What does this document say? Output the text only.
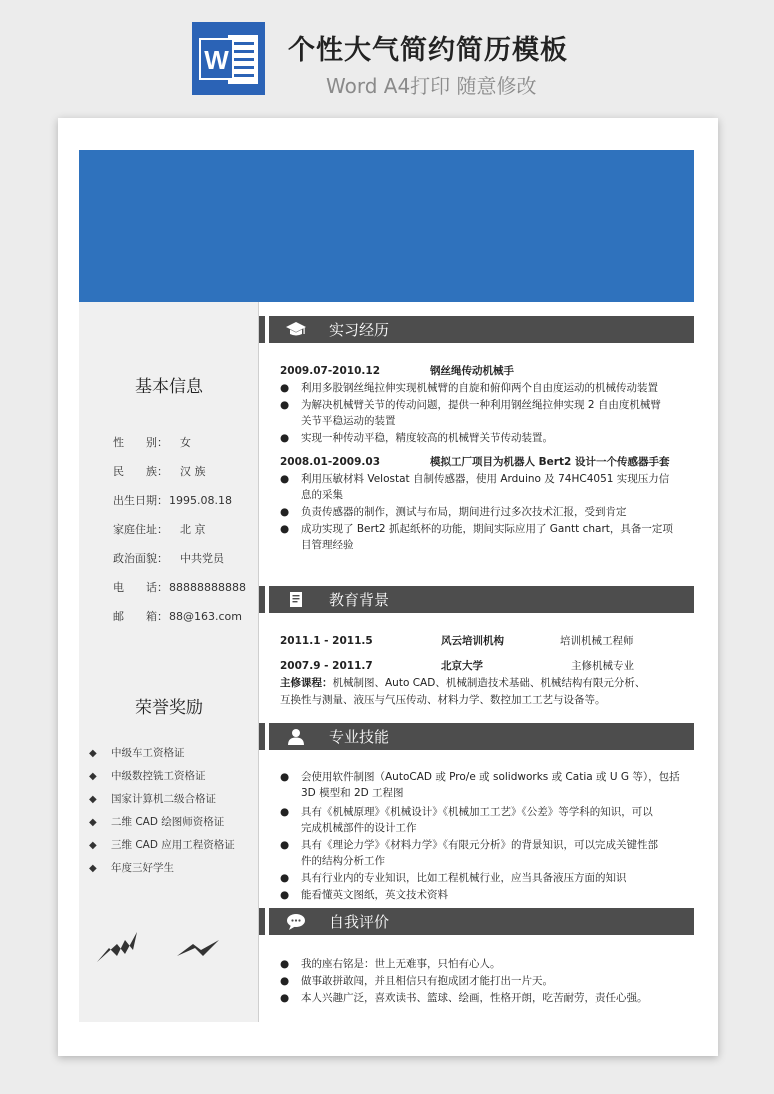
W 个性大气简约简历模板
Word A4打印 随意修改
基本信息
性　　别：　女
民　　族：　汉 族
出生日期：1995.08.18
家庭住址：　北 京
政治面貌：　中共党员
电　　话：88888888888
邮　　箱：88@163.com
荣誉奖励
◆ 中级车工资格证
◆ 中级数控铣工资格证
◆ 国家计算机二级合格证
◆ 二维 CAD 绘图师资格证
◆ 三维 CAD 应用工程资格证
◆ 年度三好学生
实习经历
2009.07-2010.12	钢丝绳传动机械手
● 利用多股钢丝绳拉伸实现机械臂的自旋和俯仰两个自由度运动的机械传动装置
● 为解决机械臂关节的传动问题，提供一种利用钢丝绳拉伸实现 2 自由度机械臂
关节平稳运动的装置
● 实现一种传动平稳，精度较高的机械臂关节传动装置。
2008.01-2009.03	模拟工厂项目为机器人 Bert2 设计一个传感器手套
● 利用压敏材料 Velostat 自制传感器，使用 Arduino 及 74HC4051 实现压力信
息的采集
● 负责传感器的制作，测试与布局，期间进行过多次技术汇报，受到肯定
● 成功实现了 Bert2 抓起纸杯的功能，期间实际应用了 Gantt chart，具备一定项
目管理经验
教育背景
2011.1 - 2011.5	风云培训机构	培训机械工程师
2007.9 - 2011.7	北京大学	主修机械专业
主修课程：机械制图、Auto CAD、机械制造技术基础、机械结构有限元分析、
互换性与测量、液压与气压传动、材料力学、数控加工工艺与设备等。
专业技能
● 会使用软件制图（AutoCAD 或 Pro/e 或 solidworks 或 Catia 或 U G 等），包括
3D 模型和 2D 工程图
● 具有《机械原理》《机械设计》《机械加工工艺》《公差》等学科的知识，可以
完成机械部件的设计工作
● 具有《理论力学》《材料力学》《有限元分析》的背景知识，可以完成关键性部
件的结构分析工作
● 具有行业内的专业知识，比如工程机械行业，应当具备液压方面的知识
● 能看懂英文图纸，英文技术资料
自我评价
● 我的座右铭是：世上无难事，只怕有心人。
● 做事敢拼敢闯，并且相信只有抱成团才能打出一片天。
● 本人兴趣广泛，喜欢读书、篮球、绘画，性格开朗，吃苦耐劳，责任心强。
